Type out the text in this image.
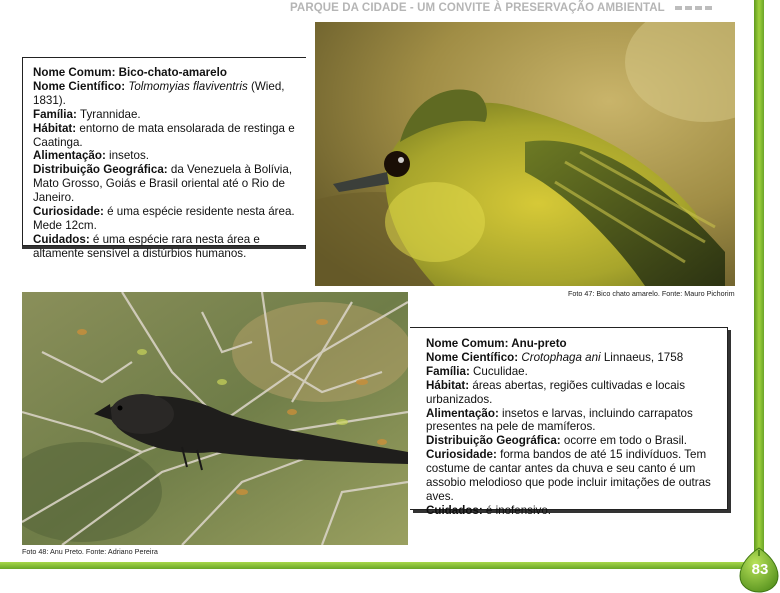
PARQUE DA CIDADE - UM CONVITE À PRESERVAÇÃO AMBIENTAL
Foto 47: Bico chato amarelo. Fonte: Mauro Pichorim

Nome Comum: Bico-chato-amarelo

Nome Científico: Tolmomyias flaviventris (Wied, 1831).

Família: Tyrannidae.

Hábitat: entorno de mata ensolarada de restinga e Caatinga.

Alimentação: insetos.

Distribuição Geográfica: da Venezuela à Bolívia, Mato Grosso, Goiás e Brasil oriental até o Rio de Janeiro.

Curiosidade: é uma espécie residente nesta área. Mede 12cm.

Cuidados: é uma espécie rara nesta área e altamente sensível a distúrbios humanos.

Foto 48: Anu Preto. Fonte: Adriano Pereira

Nome Comum: Anu-preto

Nome Científico: Crotophaga ani Linnaeus, 1758

Família: Cuculidae.

Hábitat: áreas abertas, regiões cultivadas e locais urbanizados.

Alimentação: insetos e larvas, incluindo carrapatos presentes na pele de mamíferos.

Distribuição Geográfica: ocorre em todo o Brasil.

Curiosidade: forma bandos de até 15 indivíduos. Tem costume de cantar antes da chuva e seu canto é um assobio melodioso que pode incluir imitações de outras aves.

Cuidados: é inofensivo.

83
